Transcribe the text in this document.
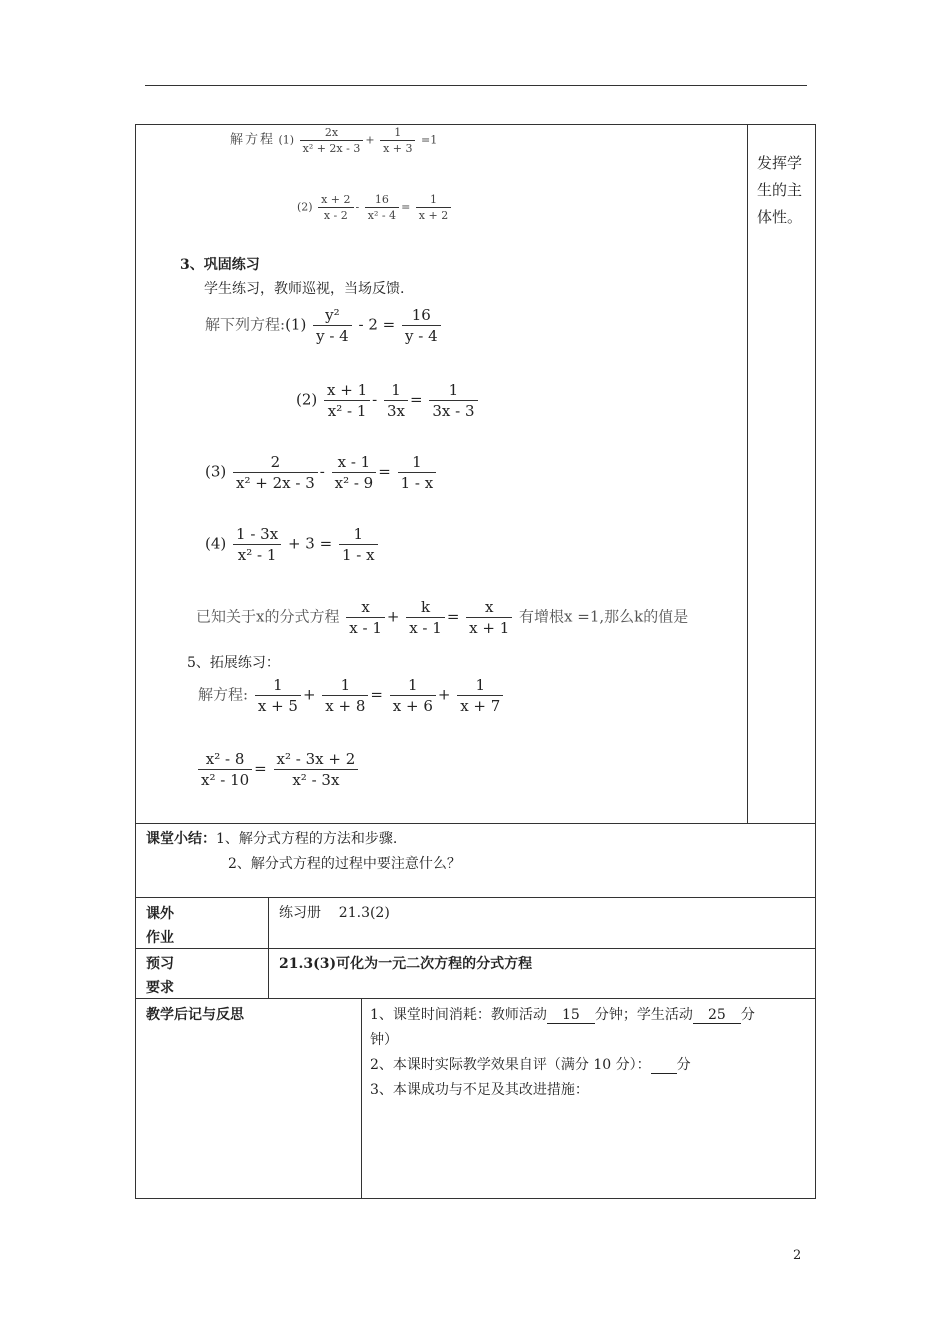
解方程 $(1) \frac{2x}{\text{x² + 2x - 3}} + \frac{1}{x + 3} =1$
$(2) \frac{x + 2}{x - 2} - \frac{16}{\text{x² - 4}} = \frac{1}{x + 2}$
发挥学生的主体性。
3、巩固练习
学生练习，教师巡视，当场反馈.
解下列方程:(1) $\frac{\text{y²}}{y - 4} - 2 = \frac{16}{y - 4}$
$(2) \frac{x + 1}{\text{x² - 1}} - \frac{1}{3x} = \frac{1}{3x - 3}$
$(3) \frac{2}{\text{x² + 2x - 3}} - \frac{x - 1}{\text{x² - 9}} = \frac{1}{1 - x}$
$(4) \frac{1 - 3x}{\text{x² - 1}} + 3 = \frac{1}{1 - x}$
已知关于x的分式方程 $\frac{x}{x - 1} + \frac{k}{x - 1} = \frac{x}{x + 1}$ 有增根x =1,那么k的值是
5、拓展练习：
解方程: $\frac{1}{x + 5} + \frac{1}{x + 8} = \frac{1}{x + 6} + \frac{1}{x + 7}$
$\frac{\text{x² - 8}}{\text{x² - 10}} = \frac{\text{x² - 3x + 2}}{\text{x² - 3x}}$
课堂小结：1、解分式方程的方法和步骤.
2、解分式方程的过程中要注意什么？
课外
作业
练习册    21.3(2)
预习
要求
21.3(3)可化为一元二次方程的分式方程
教学后记与反思	1、课堂时间消耗：教师活动 15 分钟；学生活动 25 分
钟）
2、本课时实际教学效果自评（满分 10 分）： 分
3、本课成功与不足及其改进措施：
2
